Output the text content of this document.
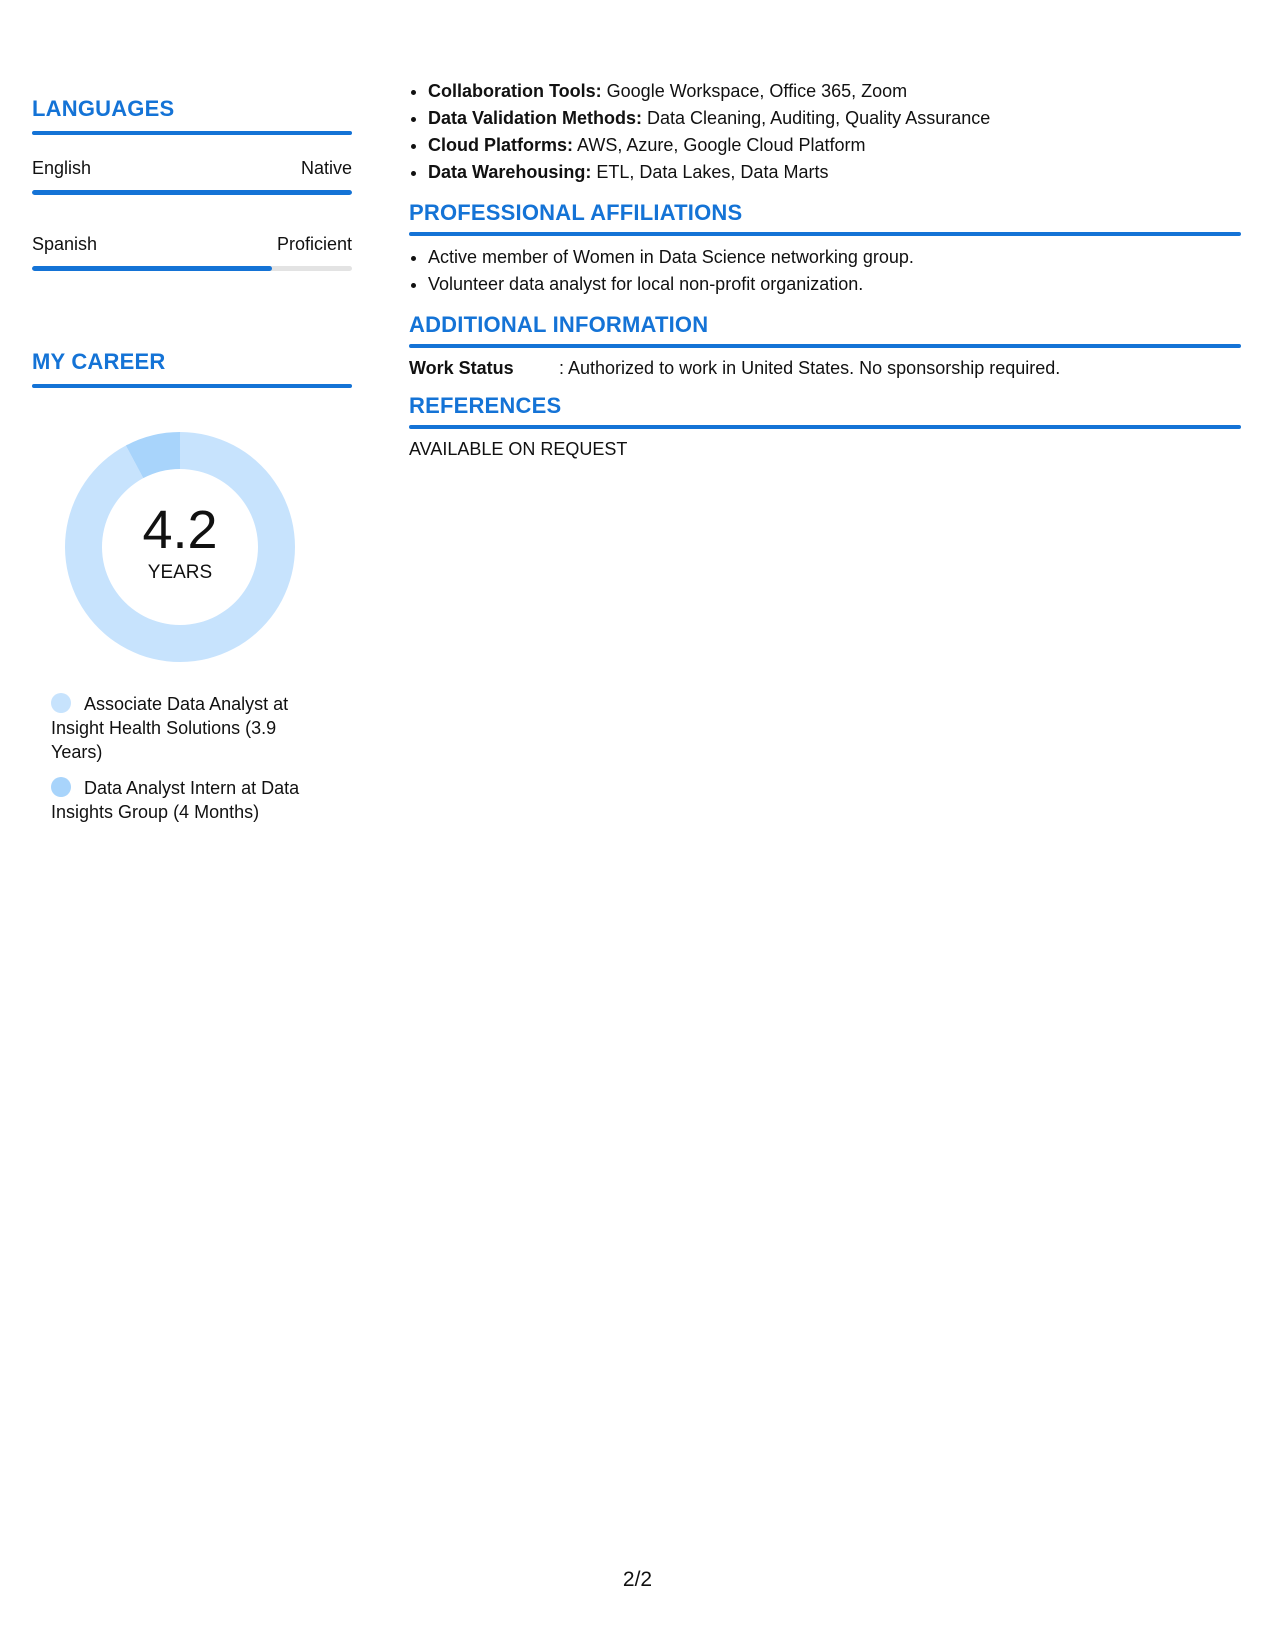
LANGUAGES
English	Native
Spanish	Proficient
MY CAREER
4.2
YEARS
Associate Data Analyst at Insight Health Solutions (3.9 Years)
Data Analyst Intern at Data Insights Group (4 Months)
• Collaboration Tools: Google Workspace, Office 365, Zoom
• Data Validation Methods: Data Cleaning, Auditing, Quality Assurance
• Cloud Platforms: AWS, Azure, Google Cloud Platform
• Data Warehousing: ETL, Data Lakes, Data Marts
PROFESSIONAL AFFILIATIONS
• Active member of Women in Data Science networking group.
• Volunteer data analyst for local non-profit organization.
ADDITIONAL INFORMATION
Work Status	: Authorized to work in United States. No sponsorship required.
REFERENCES
AVAILABLE ON REQUEST
2/2
